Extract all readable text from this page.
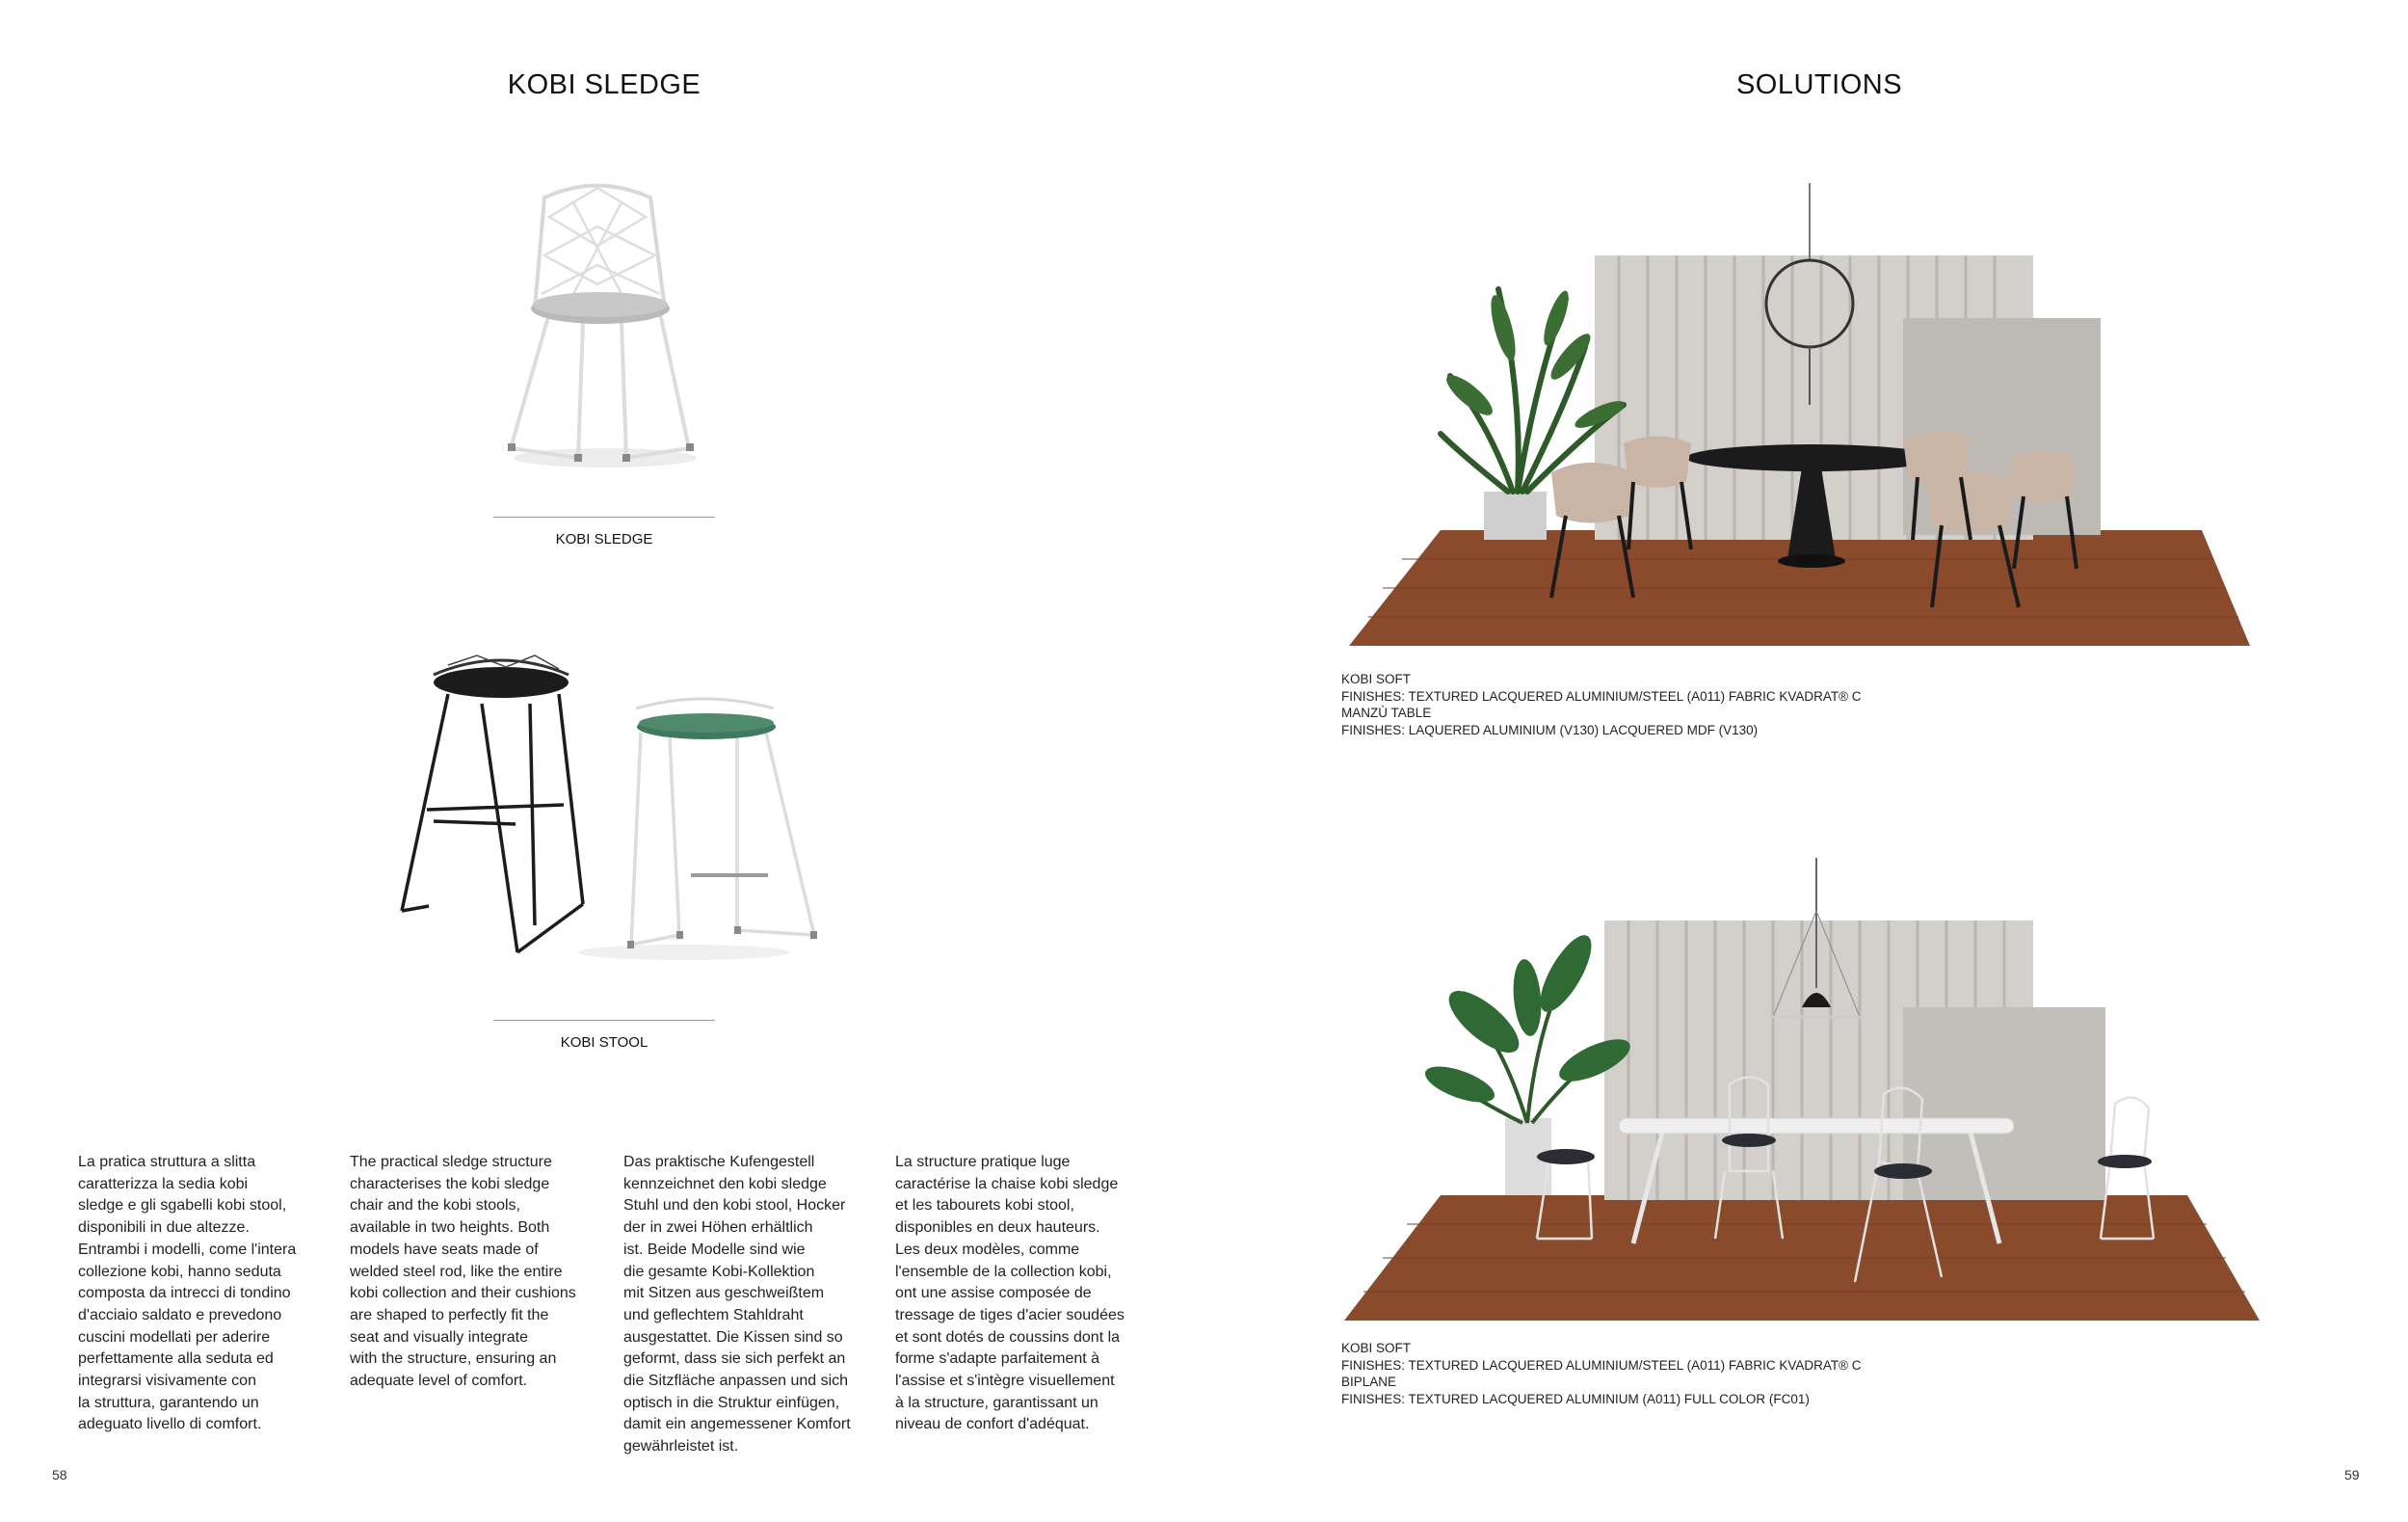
KOBI SLEDGE
KOBI SLEDGE
KOBI STOOL

La pratica struttura a slitta

caratterizza la sedia kobi

sledge e gli sgabelli kobi stool,

disponibili in due altezze.

Entrambi i modelli, come l'intera

collezione kobi, hanno seduta

composta da intrecci di tondino

d'acciaio saldato e prevedono

cuscini modellati per aderire

perfettamente alla seduta ed

integrarsi visivamente con

la struttura, garantendo un

adeguato livello di comfort.

The practical sledge structure

characterises the kobi sledge

chair and the kobi stools,

available in two heights. Both

models have seats made of

welded steel rod, like the entire

kobi collection and their cushions

are shaped to perfectly fit the

seat and visually integrate

with the structure, ensuring an

adequate level of comfort.

Das praktische Kufengestell

kennzeichnet den kobi sledge

Stuhl und den kobi stool, Hocker

der in zwei Höhen erhältlich

ist. Beide Modelle sind wie

die gesamte Kobi-Kollektion

mit Sitzen aus geschweißtem

und geflechtem Stahldraht

ausgestattet. Die Kissen sind so

geformt, dass sie sich perfekt an

die Sitzfläche anpassen und sich

optisch in die Struktur einfügen,

damit ein angemessener Komfort

gewährleistet ist.

La structure pratique luge

caractérise la chaise kobi sledge

et les tabourets kobi stool,

disponibles en deux hauteurs.

Les deux modèles, comme

l'ensemble de la collection kobi,

ont une assise composée de

tressage de tiges d'acier soudées

et sont dotés de coussins dont la

forme s'adapte parfaitement à

l'assise et s'intègre visuellement

à la structure, garantissant un

niveau de confort d'adéquat.

58
SOLUTIONS
KOBI SOFT
FINISHES: TEXTURED LACQUERED ALUMINIUM/STEEL (A011) FABRIC KVADRAT® C
MANZÙ TABLE
FINISHES: LAQUERED ALUMINIUM (V130) LACQUERED MDF (V130)
KOBI SOFT
FINISHES: TEXTURED LACQUERED ALUMINIUM/STEEL (A011) FABRIC KVADRAT® C
BIPLANE
FINISHES: TEXTURED LACQUERED ALUMINIUM (A011) FULL COLOR (FC01)
59
